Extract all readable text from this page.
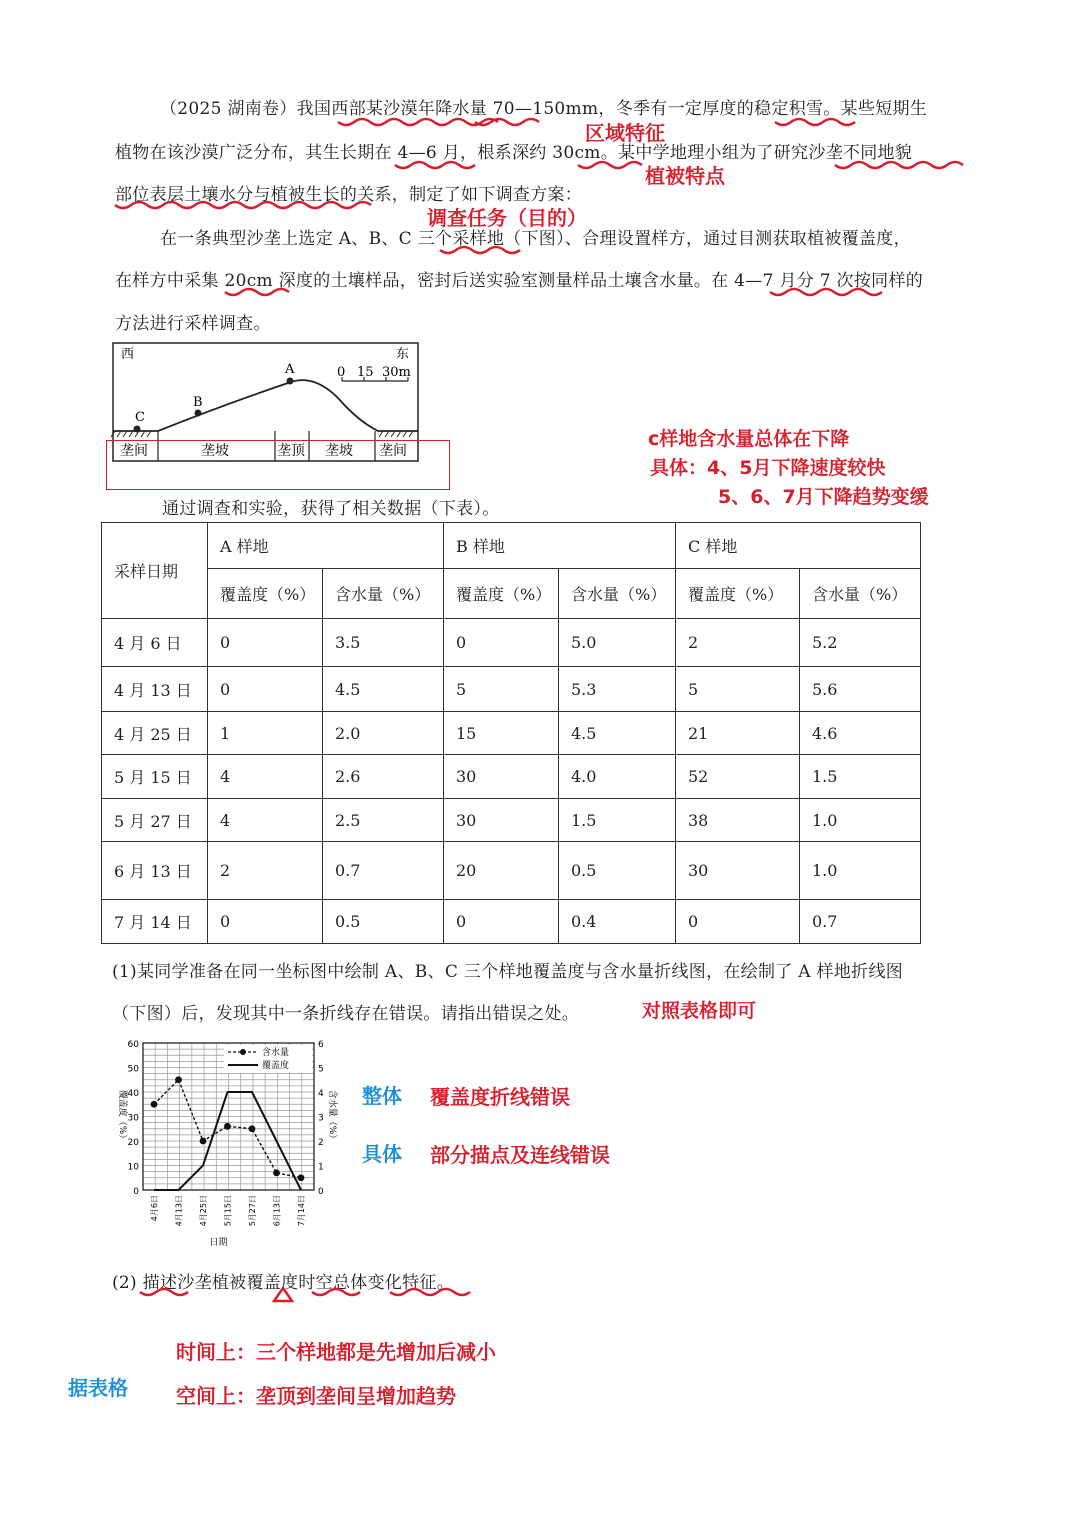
（2025 湖南卷）我国西部某沙漠年降水量 70—150mm，冬季有一定厚度的稳定积雪。某些短期生
植物在该沙漠广泛分布，其生长期在 4—6 月，根系深约 30cm。某中学地理小组为了研究沙垄不同地貌
部位表层土壤水分与植被生长的关系，制定了如下调查方案：
在一条典型沙垄上选定 A、B、C 三个采样地（下图）、合理设置样方，通过目测获取植被覆盖度，
在样方中采集 20cm 深度的土壤样品，密封后送实验室测量样品土壤含水量。在 4—7 月分 7 次按同样的
方法进行采样调查。
区域特征
植被特点
调查任务（目的）
西	东
A
B
C
0 15 30m
垄间	垄坡	垄顶 垄坡 垄间
c样地含水量总体在下降
具体：4、5月下降速度较快
5、6、7月下降趋势变缓
通过调查和实验，获得了相关数据（下表）。
采样日期	A 样地		B 样地		C 样地	
	覆盖度（%）	含水量（%）	覆盖度（%）	含水量（%）	覆盖度（%）	含水量（%）
4 月 6 日	0	3.5	0	5.0	2	5.2
4 月 13 日	0	4.5	5	5.3	5	5.6
4 月 25 日	1	2.0	15	4.5	21	4.6
5 月 15 日	4	2.6	30	4.0	52	1.5
5 月 27 日	4	2.5	30	1.5	38	1.0
6 月 13 日	2	0.7	20	0.5	30	1.0
7 月 14 日	0	0.5	0	0.4	0	0.7
(1)某同学准备在同一坐标图中绘制 A、B、C 三个样地覆盖度与含水量折线图，在绘制了 A 样地折线图
（下图）后，发现其中一条折线存在错误。请指出错误之处。	对照表格即可
0
10
20
30
40
50
60
0
1
2
3
4
5
6
覆盖度（%）	含水量（%）
4月6日 4月13日 4月25日 5月15日 5月27日 6月13日 7月14日
日期
含水量
覆盖度
整体 覆盖度折线错误
具体 部分描点及连线错误
(2) 描述沙垄植被覆盖度时空总体变化特征。
时间上：三个样地都是先增加后减小
据表格 空间上：垄顶到垄间呈增加趋势
